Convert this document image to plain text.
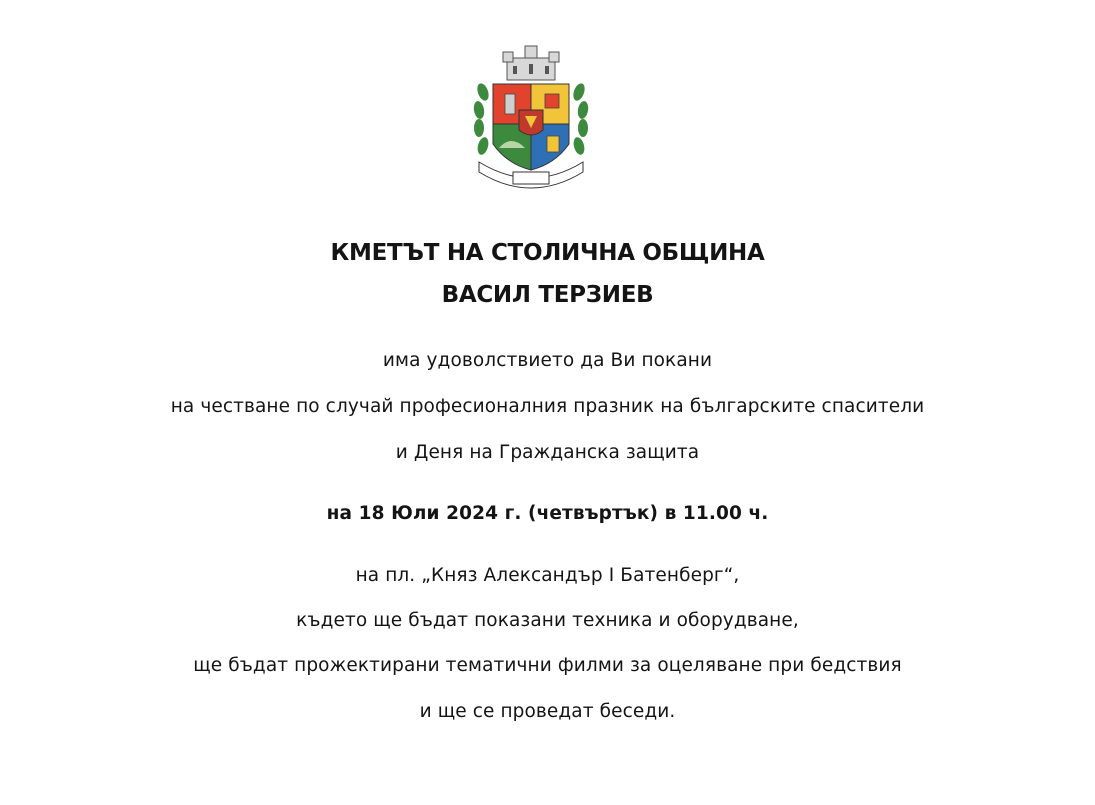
КМЕТЪТ НА СТОЛИЧНА ОБЩИНА
ВАСИЛ ТЕРЗИЕВ
има удоволствието да Ви покани
на честване по случай професионалния празник на българските спасители
и Деня на Гражданска защита
на 18 Юли 2024 г. (четвъртък) в 11.00 ч.
на пл. „Княз Александър I Батенберг“,
където ще бъдат показани техника и оборудване,
ще бъдат прожектирани тематични филми за оцеляване при бедствия
и ще се проведат беседи.
